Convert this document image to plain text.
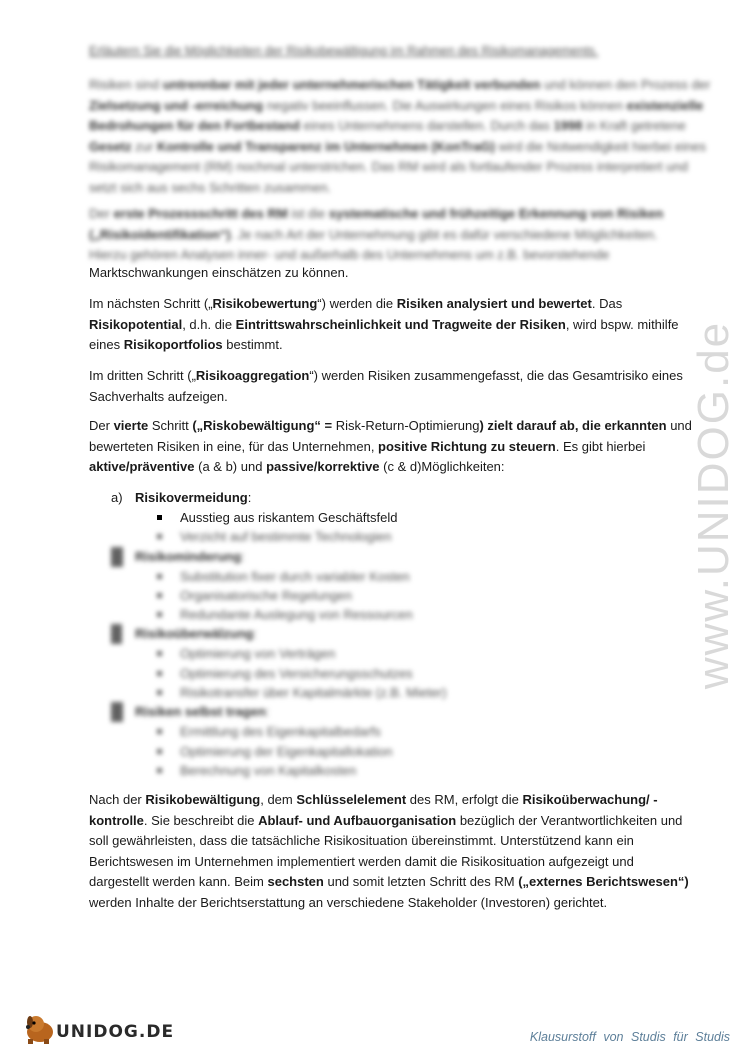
Erläutern Sie die Möglichkeiten der Risikobewältigung im Rahmen des Risikomanagements.
Risiken sind untrennbar mit jeder unternehmerischen Tätigkeit verbunden und können den Prozess der
Zielsetzung und -erreichung negativ beeinflussen. Die Auswirkungen eines Risikos können existenzielle
Bedrohungen für den Fortbestand eines Unternehmens darstellen. Durch das 1998 in Kraft getretene
Gesetz zur Kontrolle und Transparenz im Unternehmen (KonTraG) wird die Notwendigkeit hierbei eines
Risikomanagement (RM) nochmal unterstrichen. Das RM wird als fortlaufender Prozess interpretiert und
setzt sich aus sechs Schritten zusammen.
Der erste Prozessschritt des RM ist die systematische und frühzeitige Erkennung von Risiken
(„Risikoidentifikation“). Je nach Art der Unternehmung gibt es dafür verschiedene Möglichkeiten.
Hierzu gehören Analysen inner- und außerhalb des Unternehmens um z.B. bevorstehende
Marktschwankungen einschätzen zu können.
Im nächsten Schritt („Risikobewertung“) werden die Risiken analysiert und bewertet. Das
Risikopotential, d.h. die Eintrittswahrscheinlichkeit und Tragweite der Risiken, wird bspw. mithilfe
eines Risikoportfolios bestimmt.
Im dritten Schritt („Risikoaggregation“) werden Risiken zusammengefasst, die das Gesamtrisiko eines
Sachverhalts aufzeigen.
Der vierte Schritt („Riskobewältigung“ = Risk-Return-Optimierung) zielt darauf ab, die erkannten und
bewerteten Risiken in eine, für das Unternehmen, positive Richtung zu steuern. Es gibt hierbei
aktive/präventive (a & b) und passive/korrektive (c & d)Möglichkeiten:
a) Risikovermeidung:
Ausstieg aus riskantem Geschäftsfeld
Verzicht auf bestimmte Technologien
b) Risikominderung:
Substitution fixer durch variabler Kosten
Organisatorische Regelungen
Redundante Auslegung von Ressourcen
c) Risikoüberwälzung:
Optimierung von Verträgen
Optimierung des Versicherungsschutzes
Risikotransfer über Kapitalmärkte (z.B. Mieter)
d) Risiken selbst tragen:
Ermittlung des Eigenkapitalbedarfs
Optimierung der Eigenkapitallokation
Berechnung von Kapitalkosten
Nach der Risikobewältigung, dem Schlüsselelement des RM, erfolgt die Risikoüberwachung/ -
kontrolle. Sie beschreibt die Ablauf- und Aufbauorganisation bezüglich der Verantwortlichkeiten und
soll gewährleisten, dass die tatsächliche Risikosituation übereinstimmt. Unterstützend kann ein
Berichtswesen im Unternehmen implementiert werden damit die Risikosituation aufgezeigt und
dargestellt werden kann. Beim sechsten und somit letzten Schritt des RM („externes Berichtswesen“)
werden Inhalte der Berichtserstattung an verschiedene Stakeholder (Investoren) gerichtet.
www.UNIDOG.de
UNIDOG.DE	Klausurstoff von Studis für Studis
